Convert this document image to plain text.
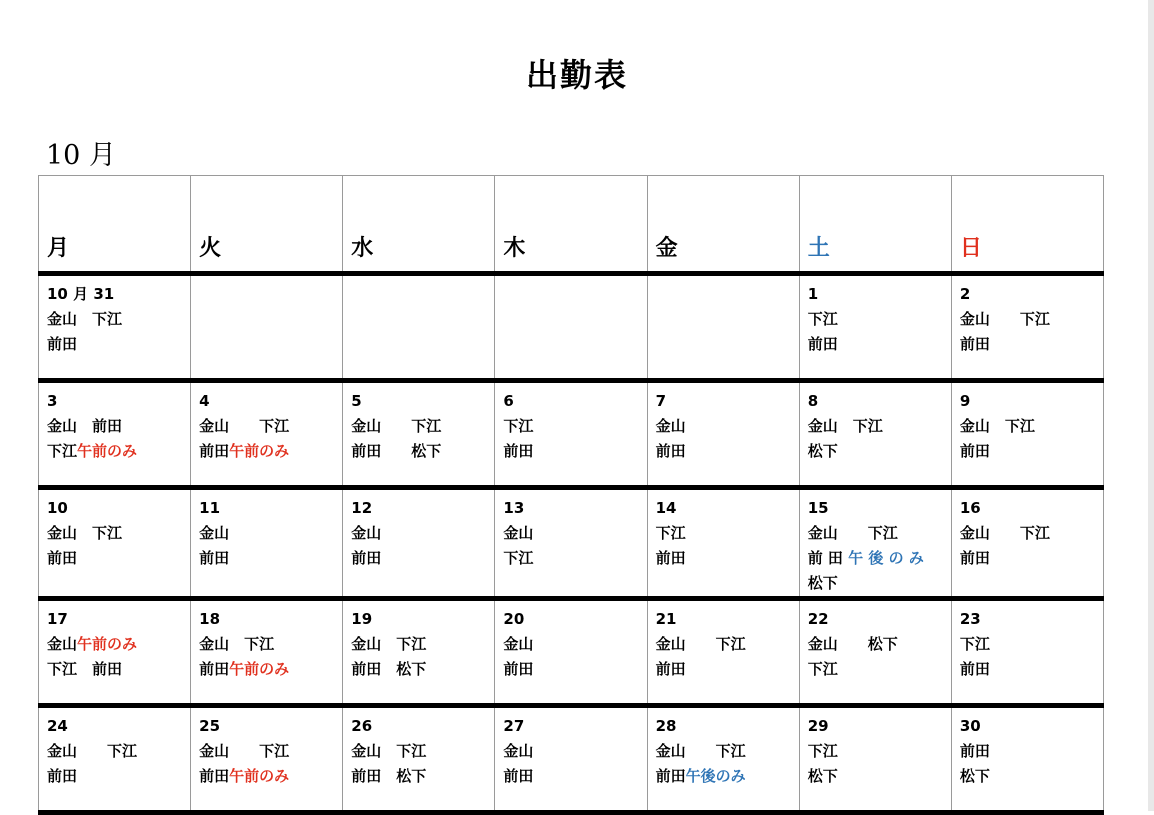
出勤表
10 月
月	火	水	木	金	土	日

10 月 31
金山　下江
前田					1
下江
前田	2
金山　　下江
前田

3
金山　前田
下江午前のみ	4
金山　　下江
前田午前のみ	5
金山　　下江
前田　　松下	6
下江
前田	7
金山
前田	8
金山　下江
松下	9
金山　下江
前田

10
金山　下江
前田	11
金山
前田	12
金山
前田	13
金山
下江	14
下江
前田	15
金山　　下江
前 田 午 後 の み
松下	16
金山　　下江
前田

17
金山午前のみ
下江　前田	18
金山　下江
前田午前のみ	19
金山　下江
前田　松下	20
金山
前田	21
金山　　下江
前田	22
金山　　松下
下江	23
下江
前田

24
金山　　下江
前田	25
金山　　下江
前田午前のみ	26
金山　下江
前田　松下	27
金山
前田	28
金山　　下江
前田午後のみ	29
下江
松下	30
前田
松下
